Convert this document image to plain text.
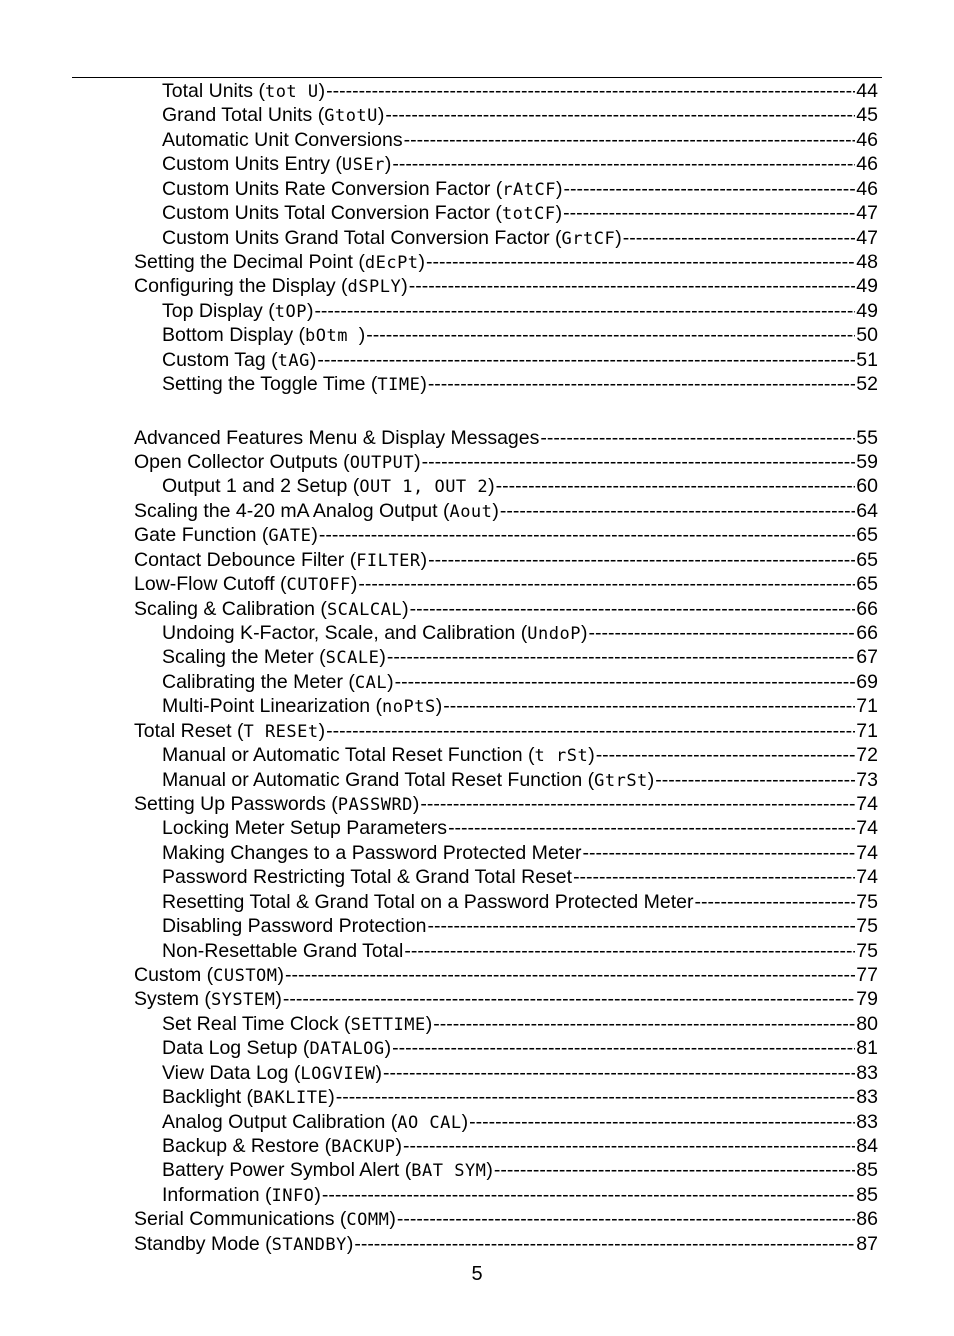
Total Units (tot U) -----	44
Grand Total Units (GtotU) -----	45
Automatic Unit Conversions -----	46
Custom Units Entry (USEr) -----	46
Custom Units Rate Conversion Factor (rAtCF) -----	46
Custom Units Total Conversion Factor (totCF) -----	47
Custom Units Grand Total Conversion Factor (GrtCF) -----	47
Setting the Decimal Point (dEcPt) -----	48
Configuring the Display (dSPLY) -----	49
Top Display (tOP) -----	49
Bottom Display (bOtm ) -----	50
Custom Tag (tAG) -----	51
Setting the Toggle Time (TIME) -----	52
Advanced Features Menu & Display Messages -----	55
Open Collector Outputs (OUTPUT) -----	59
Output 1 and 2 Setup (OUT 1, OUT 2) -----	60
Scaling the 4-20 mA Analog Output (Aout) -----	64
Gate Function (GATE) -----	65
Contact Debounce Filter (FILTER) -----	65
Low-Flow Cutoff (CUTOFF) -----	65
Scaling & Calibration (SCALCAL) -----	66
Undoing K-Factor, Scale, and Calibration (UndoP) -----	66
Scaling the Meter (SCALE) -----	67
Calibrating the Meter (CAL) -----	69
Multi-Point Linearization (noPtS) -----	71
Total Reset (T RESEt) -----	71
Manual or Automatic Total Reset Function (t rSt) -----	72
Manual or Automatic Grand Total Reset Function (GtrSt) -----	73
Setting Up Passwords (PASSWRD) -----	74
Locking Meter Setup Parameters -----	74
Making Changes to a Password Protected Meter -----	74
Password Restricting Total & Grand Total Reset -----	74
Resetting Total & Grand Total on a Password Protected Meter -----	75
Disabling Password Protection -----	75
Non-Resettable Grand Total -----	75
Custom (CUSTOM) -----	77
System (SYSTEM) -----	79
Set Real Time Clock (SETTIME) -----	80
Data Log Setup (DATALOG) -----	81
View Data Log (LOGVIEW) -----	83
Backlight (BAKLITE) -----	83
Analog Output Calibration (AO CAL) -----	83
Backup & Restore (BACKUP) -----	84
Battery Power Symbol Alert (BAT SYM) -----	85
Information (INFO) -----	85
Serial Communications (COMM) -----	86
Standby Mode (STANDBY) -----	87
5
